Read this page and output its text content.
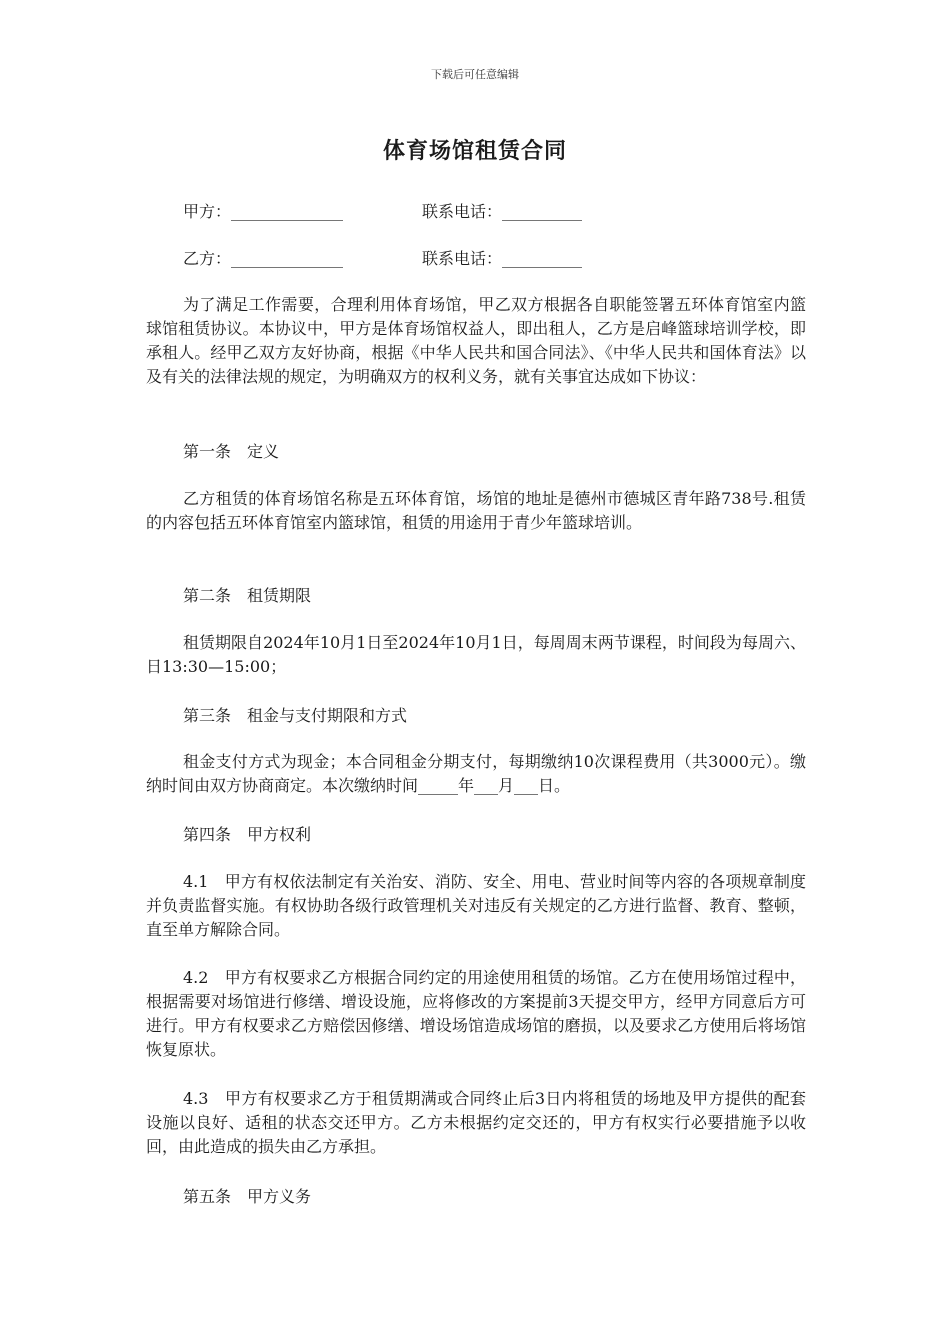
下载后可任意编辑
体育场馆租赁合同
甲方：______________	联系电话：__________
乙方：______________	联系电话：__________
为了满足工作需要，合理利用体育场馆，甲乙双方根据各自职能签署五环体育馆室内篮球馆租赁协议。本协议中，甲方是体育场馆权益人，即出租人，乙方是启峰篮球培训学校，即承租人。经甲乙双方友好协商，根据《中华人民共和国合同法》、《中华人民共和国体育法》以及有关的法律法规的规定，为明确双方的权利义务，就有关事宜达成如下协议：
第一条　定义
乙方租赁的体育场馆名称是五环体育馆，场馆的地址是德州市德城区青年路738号.租赁的内容包括五环体育馆室内篮球馆，租赁的用途用于青少年篮球培训。
第二条　租赁期限
租赁期限自2024年10月1日至2024年10月1日，每周周末两节课程，时间段为每周六、日13:30—15:00；
第三条　租金与支付期限和方式
租金支付方式为现金；本合同租金分期支付，每期缴纳10次课程费用（共3000元）。缴纳时间由双方协商商定。本次缴纳时间_____年___月___日。
第四条　甲方权利
4.1　甲方有权依法制定有关治安、消防、安全、用电、营业时间等内容的各项规章制度并负责监督实施。有权协助各级行政管理机关对违反有关规定的乙方进行监督、教育、整顿，直至单方解除合同。
4.2　甲方有权要求乙方根据合同约定的用途使用租赁的场馆。乙方在使用场馆过程中，根据需要对场馆进行修缮、增设设施，应将修改的方案提前3天提交甲方，经甲方同意后方可进行。甲方有权要求乙方赔偿因修缮、增设场馆造成场馆的磨损，以及要求乙方使用后将场馆恢复原状。
4.3　甲方有权要求乙方于租赁期满或合同终止后3日内将租赁的场地及甲方提供的配套设施以良好、适租的状态交还甲方。乙方未根据约定交还的，甲方有权实行必要措施予以收回，由此造成的损失由乙方承担。
第五条　甲方义务
